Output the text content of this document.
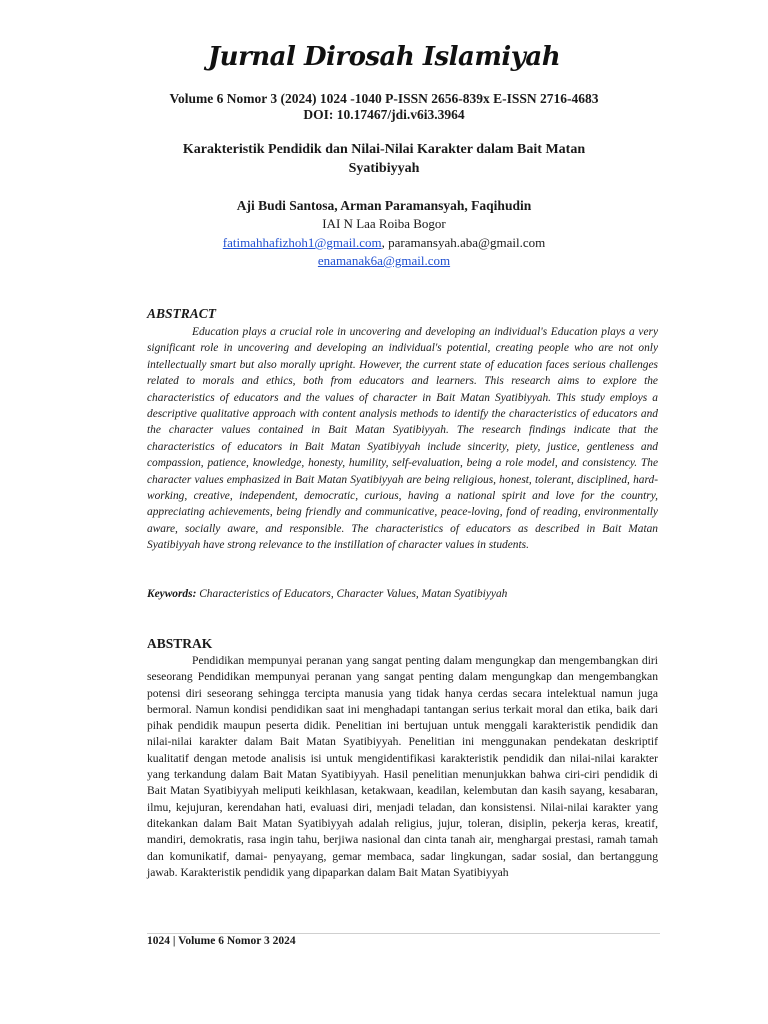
Jurnal Dirosah Islamiyah
Volume 6 Nomor 3 (2024) 1024 -1040 P-ISSN 2656-839x E-ISSN 2716-4683
DOI: 10.17467/jdi.v6i3.3964
Karakteristik Pendidik dan Nilai-Nilai Karakter dalam Bait Matan Syatibiyyah
Aji Budi Santosa, Arman Paramansyah, Faqihudin
IAI N Laa Roiba Bogor
fatimahhafizhoh1@gmail.com, paramansyah.aba@gmail.com
enamanak6a@gmail.com
ABSTRACT

Education plays a crucial role in uncovering and developing an individual's Education plays a very significant role in uncovering and developing an individual's potential, creating people who are not only intellectually smart but also morally upright. However, the current state of education faces serious challenges related to morals and ethics, both from educators and learners. This research aims to explore the characteristics of educators and the values of character in Bait Matan Syatibiyyah. This study employs a descriptive qualitative approach with content analysis methods to identify the characteristics of educators and the character values contained in Bait Matan Syatibiyyah. The research findings indicate that the characteristics of educators in Bait Matan Syatibiyyah include sincerity, piety, justice, gentleness and compassion, patience, knowledge, honesty, humility, self-evaluation, being a role model, and consistency. The character values emphasized in Bait Matan Syatibiyyah are being religious, honest, tolerant, disciplined, hard-working, creative, independent, democratic, curious, having a national spirit and love for the country, appreciating achievements, being friendly and communicative, peace-loving, fond of reading, environmentally aware, socially aware, and responsible. The characteristics of educators as described in Bait Matan Syatibiyyah have strong relevance to the instillation of character values in students.

Keywords: Characteristics of Educators, Character Values, Matan Syatibiyyah
ABSTRAK

Pendidikan mempunyai peranan yang sangat penting dalam mengungkap dan mengembangkan diri seseorang Pendidikan mempunyai peranan yang sangat penting dalam mengungkap dan mengembangkan potensi diri seseorang sehingga tercipta manusia yang tidak hanya cerdas secara intelektual namun juga bermoral. Namun kondisi pendidikan saat ini menghadapi tantangan serius terkait moral dan etika, baik dari pihak pendidik maupun peserta didik. Penelitian ini bertujuan untuk menggali karakteristik pendidik dan nilai-nilai karakter dalam Bait Matan Syatibiyyah. Penelitian ini menggunakan pendekatan deskriptif kualitatif dengan metode analisis isi untuk mengidentifikasi karakteristik pendidik dan nilai-nilai karakter yang terkandung dalam Bait Matan Syatibiyyah. Hasil penelitian menunjukkan bahwa ciri-ciri pendidik di Bait Matan Syatibiyyah meliputi keikhlasan, ketakwaan, keadilan, kelembutan dan kasih sayang, kesabaran, ilmu, kejujuran, kerendahan hati, evaluasi diri, menjadi teladan, dan konsistensi. Nilai-nilai karakter yang ditekankan dalam Bait Matan Syatibiyyah adalah religius, jujur, toleran, disiplin, pekerja keras, kreatif, mandiri, demokratis, rasa ingin tahu, berjiwa nasional dan cinta tanah air, menghargai prestasi, ramah tamah dan komunikatif, damai- penyayang, gemar membaca, sadar lingkungan, sadar sosial, dan bertanggung jawab. Karakteristik pendidik yang dipaparkan dalam Bait Matan Syatibiyyah

1024 | Volume 6 Nomor 3 2024
